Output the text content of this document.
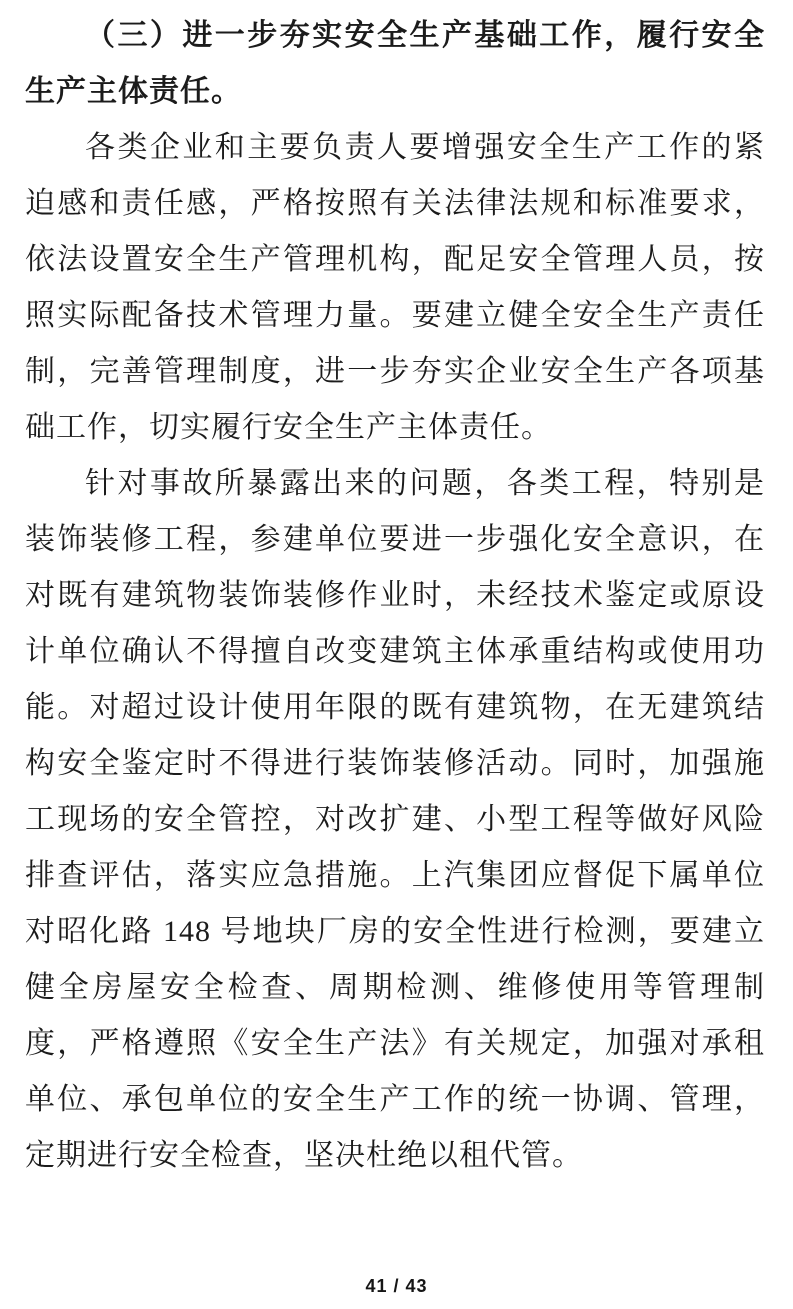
（三）进一步夯实安全生产基础工作，履行安全生产主体责任。

各类企业和主要负责人要增强安全生产工作的紧迫感和责任感，严格按照有关法律法规和标准要求，依法设置安全生产管理机构，配足安全管理人员，按照实际配备技术管理力量。要建立健全安全生产责任制，完善管理制度，进一步夯实企业安全生产各项基础工作，切实履行安全生产主体责任。

针对事故所暴露出来的问题，各类工程，特别是装饰装修工程，参建单位要进一步强化安全意识，在对既有建筑物装饰装修作业时，未经技术鉴定或原设计单位确认不得擅自改变建筑主体承重结构或使用功能。对超过设计使用年限的既有建筑物，在无建筑结构安全鉴定时不得进行装饰装修活动。同时，加强施工现场的安全管控，对改扩建、小型工程等做好风险排查评估，落实应急措施。上汽集团应督促下属单位对昭化路 148 号地块厂房的安全性进行检测，要建立健全房屋安全检查、周期检测、维修使用等管理制度，严格遵照《安全生产法》有关规定，加强对承租单位、承包单位的安全生产工作的统一协调、管理，定期进行安全检查，坚决杜绝以租代管。

41 / 43
